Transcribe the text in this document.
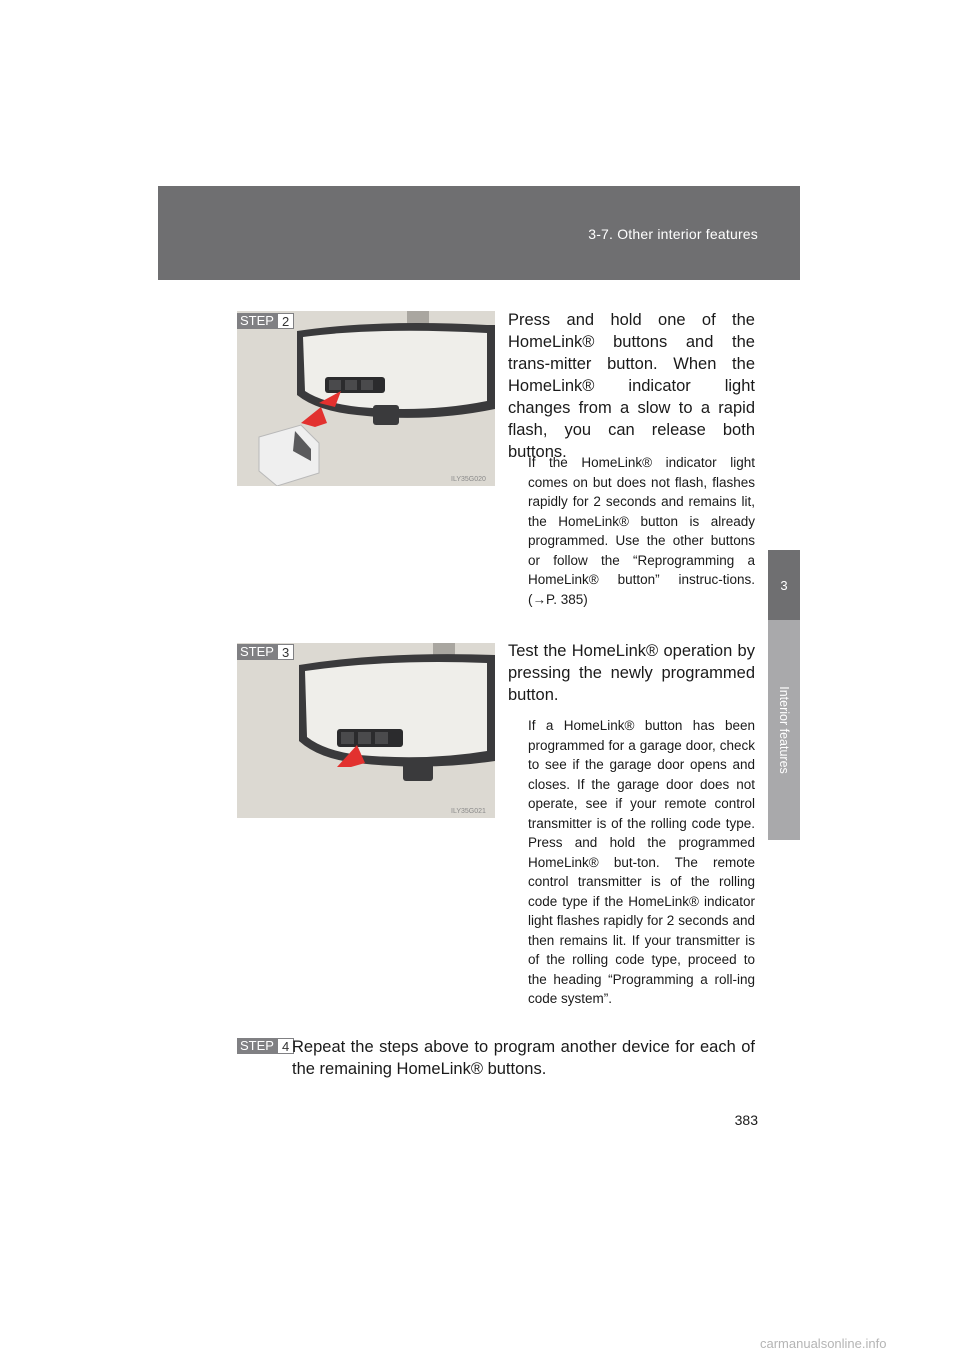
3-7. Other interior features
3
Interior features
ILY35G020
STEP 2	Press and hold one of the HomeLink® buttons and the trans-mitter button. When the HomeLink® indicator light changes from a slow to a rapid flash, you can release both buttons.

If the HomeLink® indicator light comes on but does not flash, flashes rapidly for 2 seconds and remains lit, the HomeLink® button is already programmed. Use the other buttons or follow the “Reprogramming a HomeLink® button” instruc-tions. (→P. 385)

ILY35G021
STEP 3	Test the HomeLink® operation by pressing the newly programmed button.

If a HomeLink® button has been programmed for a garage door, check to see if the garage door opens and closes. If the garage door does not operate, see if your remote control transmitter is of the rolling code type. Press and hold the programmed HomeLink® but-ton. The remote control transmitter is of the rolling code type if the HomeLink® indicator light flashes rapidly for 2 seconds and then remains lit. If your transmitter is of the rolling code type, proceed to the heading “Programming a roll-ing code system”.

STEP 4 Repeat the steps above to program another device for each of the remaining HomeLink® buttons.

383
carmanualsonline.info
